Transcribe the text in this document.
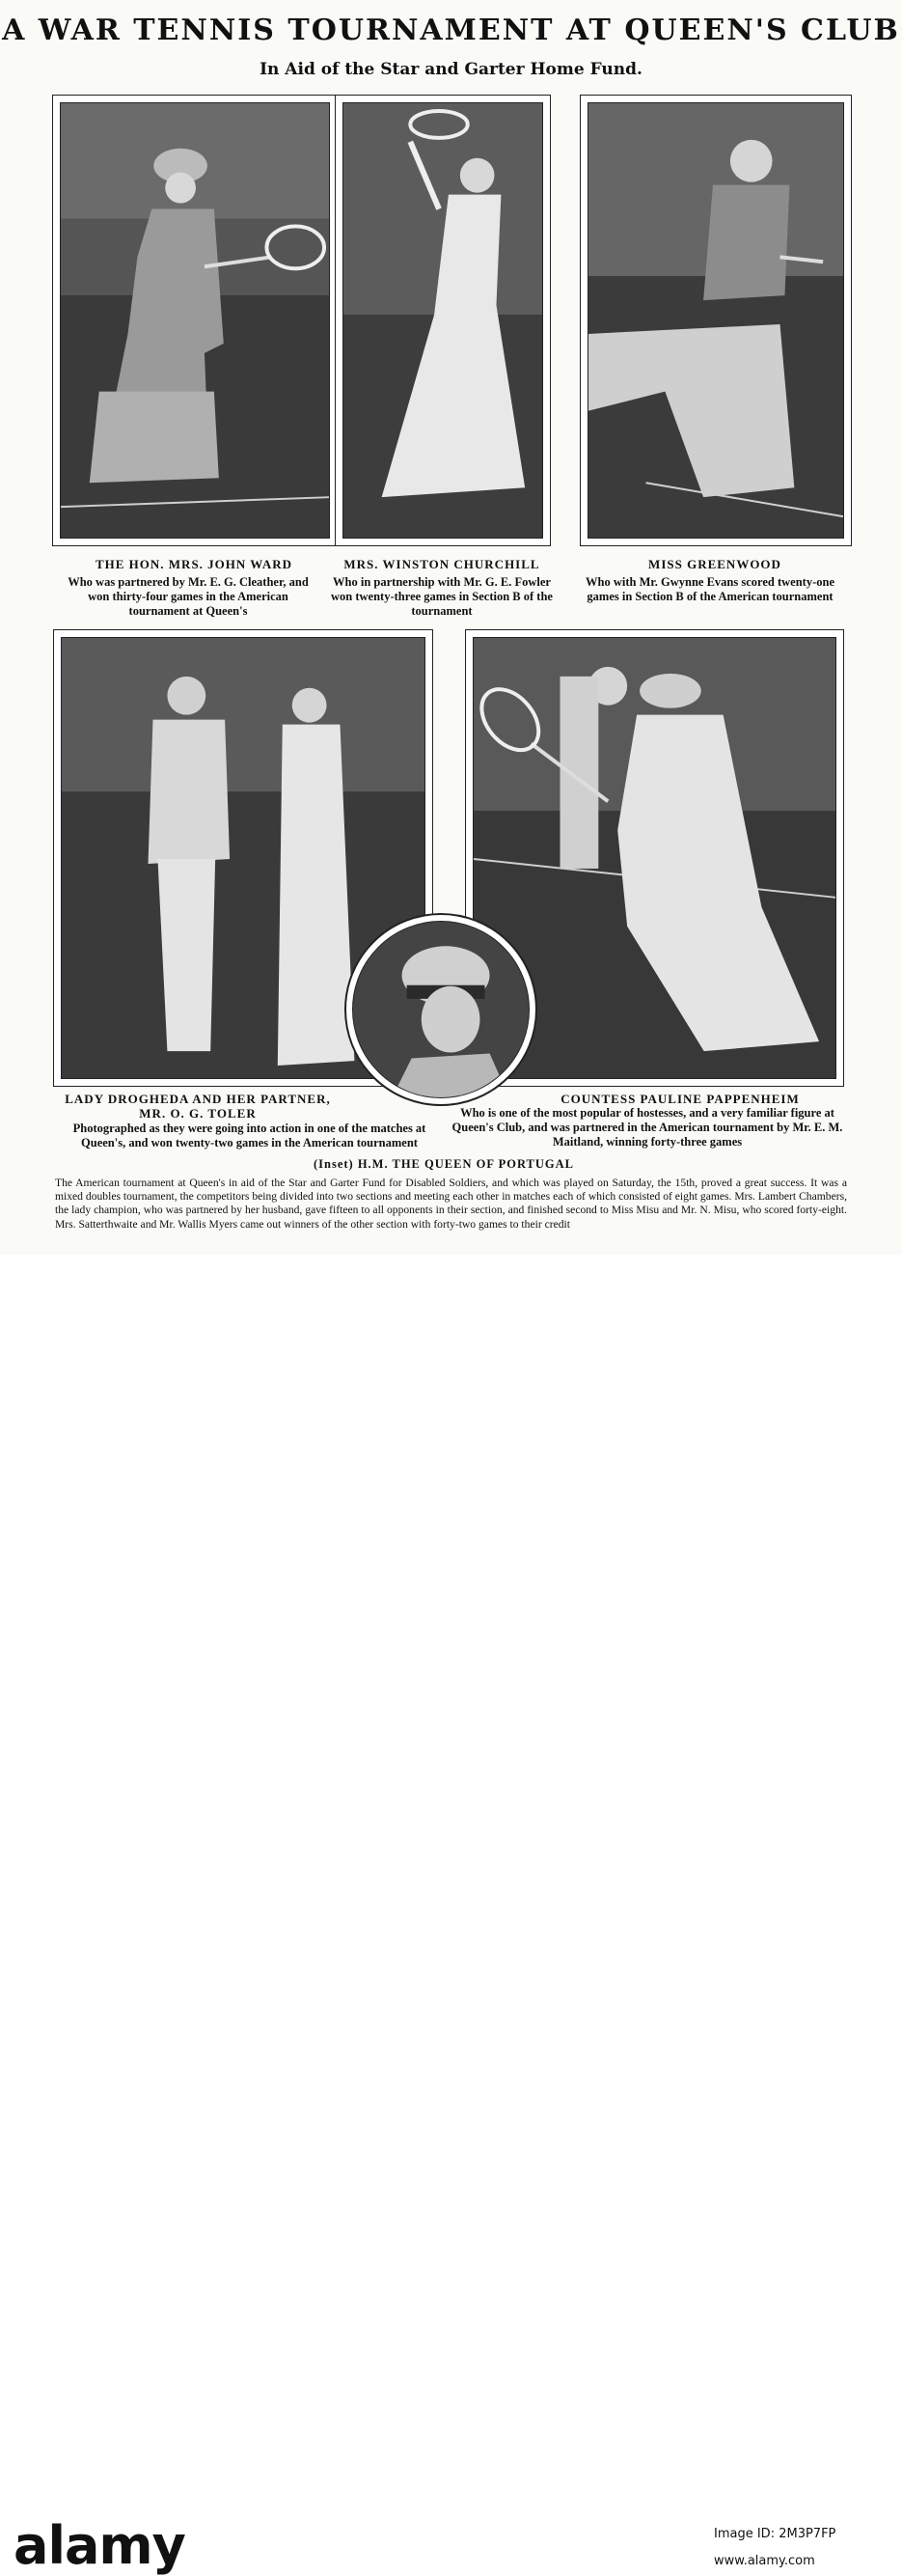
A WAR TENNIS TOURNAMENT AT QUEEN'S CLUB
In Aid of the Star and Garter Home Fund.
THE HON. MRS. JOHN WARD
Who was partnered by Mr. E. G. Cleather, and won thirty-four games in the American tournament at Queen's
MRS. WINSTON CHURCHILL
Who in partnership with Mr. G. E. Fowler won twenty-three games in Section B of the tournament
MISS GREENWOOD
Who with Mr. Gwynne Evans scored twenty-one games in Section B of the American tournament
LADY DROGHEDA AND HER PARTNER,
MR. O. G. TOLER
Photographed as they were going into action in one of the matches at Queen's, and won twenty-two games in the American tournament
COUNTESS PAULINE PAPPENHEIM
Who is one of the most popular of hostesses, and a very familiar figure at Queen's Club, and was partnered in the American tournament by Mr. E. M. Maitland, winning forty-three games
(Inset) H.M. THE QUEEN OF PORTUGAL
The American tournament at Queen's in aid of the Star and Garter Fund for Disabled Soldiers, and which was played on Saturday, the 15th, proved a great success. It was a mixed doubles tournament, the competitors being divided into two sections and meeting each other in matches each of which consisted of eight games. Mrs. Lambert Chambers, the lady champion, who was partnered by her husband, gave fifteen to all opponents in their section, and finished second to Miss Misu and Mr. N. Misu, who scored forty-eight. Mrs. Satterthwaite and Mr. Wallis Myers came out winners of the other section with forty-two games to their credit
alamy	Image ID: 2M3P7FP
www.alamy.com
